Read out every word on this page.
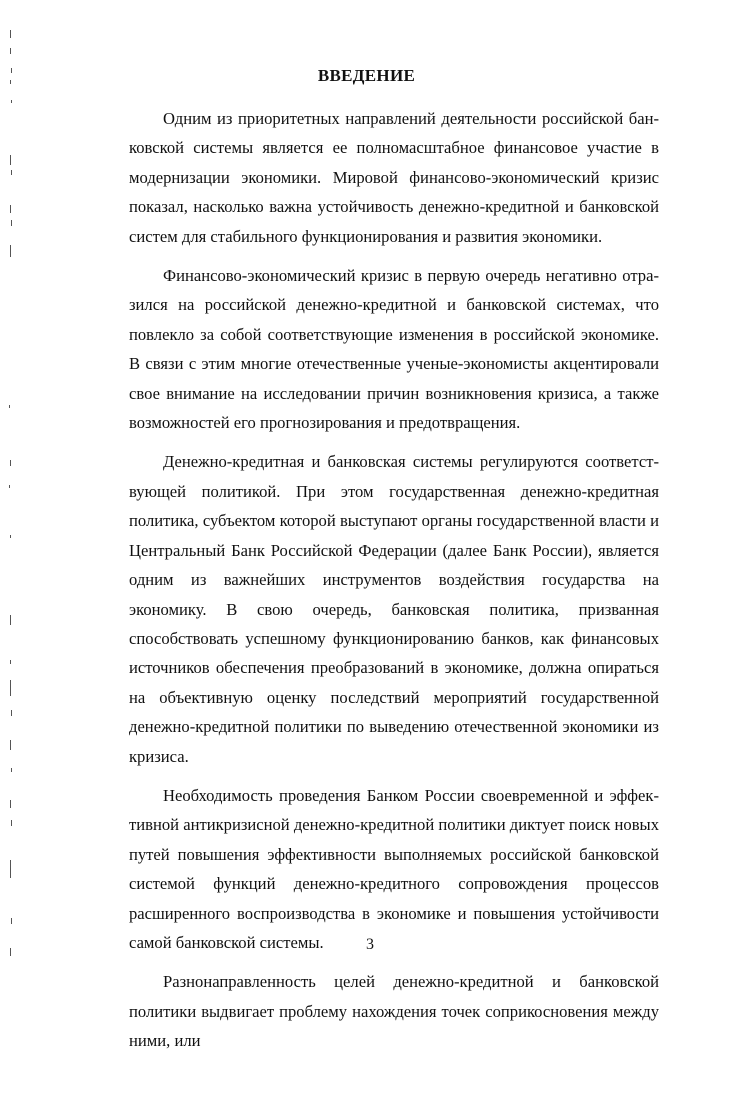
ВВЕДЕНИЕ

Одним из приоритетных направлений деятельности российской банковской системы является ее полномасштабное финансовое участие в модернизации экономики. Мировой финансово-экономический кризис показал, насколько важна устойчивость денежно-кредитной и банковской систем для стабильного функционирования и развития экономики.

Финансово-экономический кризис в первую очередь негативно отразился на российской денежно-кредитной и банковской системах, что повлекло за собой соответствующие изменения в российской экономике. В связи с этим многие отечественные ученые-экономисты акцентировали свое внимание на исследовании причин возникновения кризиса, а также возможностей его прогнозирования и предотвращения.

Денежно-кредитная и банковская системы регулируются соответствующей политикой. При этом государственная денежно-кредитная политика, субъектом которой выступают органы государственной власти и Центральный Банк Российской Федерации (далее Банк России), является одним из важнейших инструментов воздействия государства на экономику. В свою очередь, банковская политика, призванная способствовать успешному функционированию банков, как финансовых источников обеспечения преобразований в экономике, должна опираться на объективную оценку последствий мероприятий государственной денежно-кредитной политики по выведению отечественной экономики из кризиса.

Необходимость проведения Банком России своевременной и эффективной антикризисной денежно-кредитной политики диктует поиск новых путей повышения эффективности выполняемых российской банковской системой функций денежно-кредитного сопровождения процессов расширенного воспроизводства в экономике и повышения устойчивости самой банковской системы.

Разнонаправленность целей денежно-кредитной и банковской политики выдвигает проблему нахождения точек соприкосновения между ними, или

3
